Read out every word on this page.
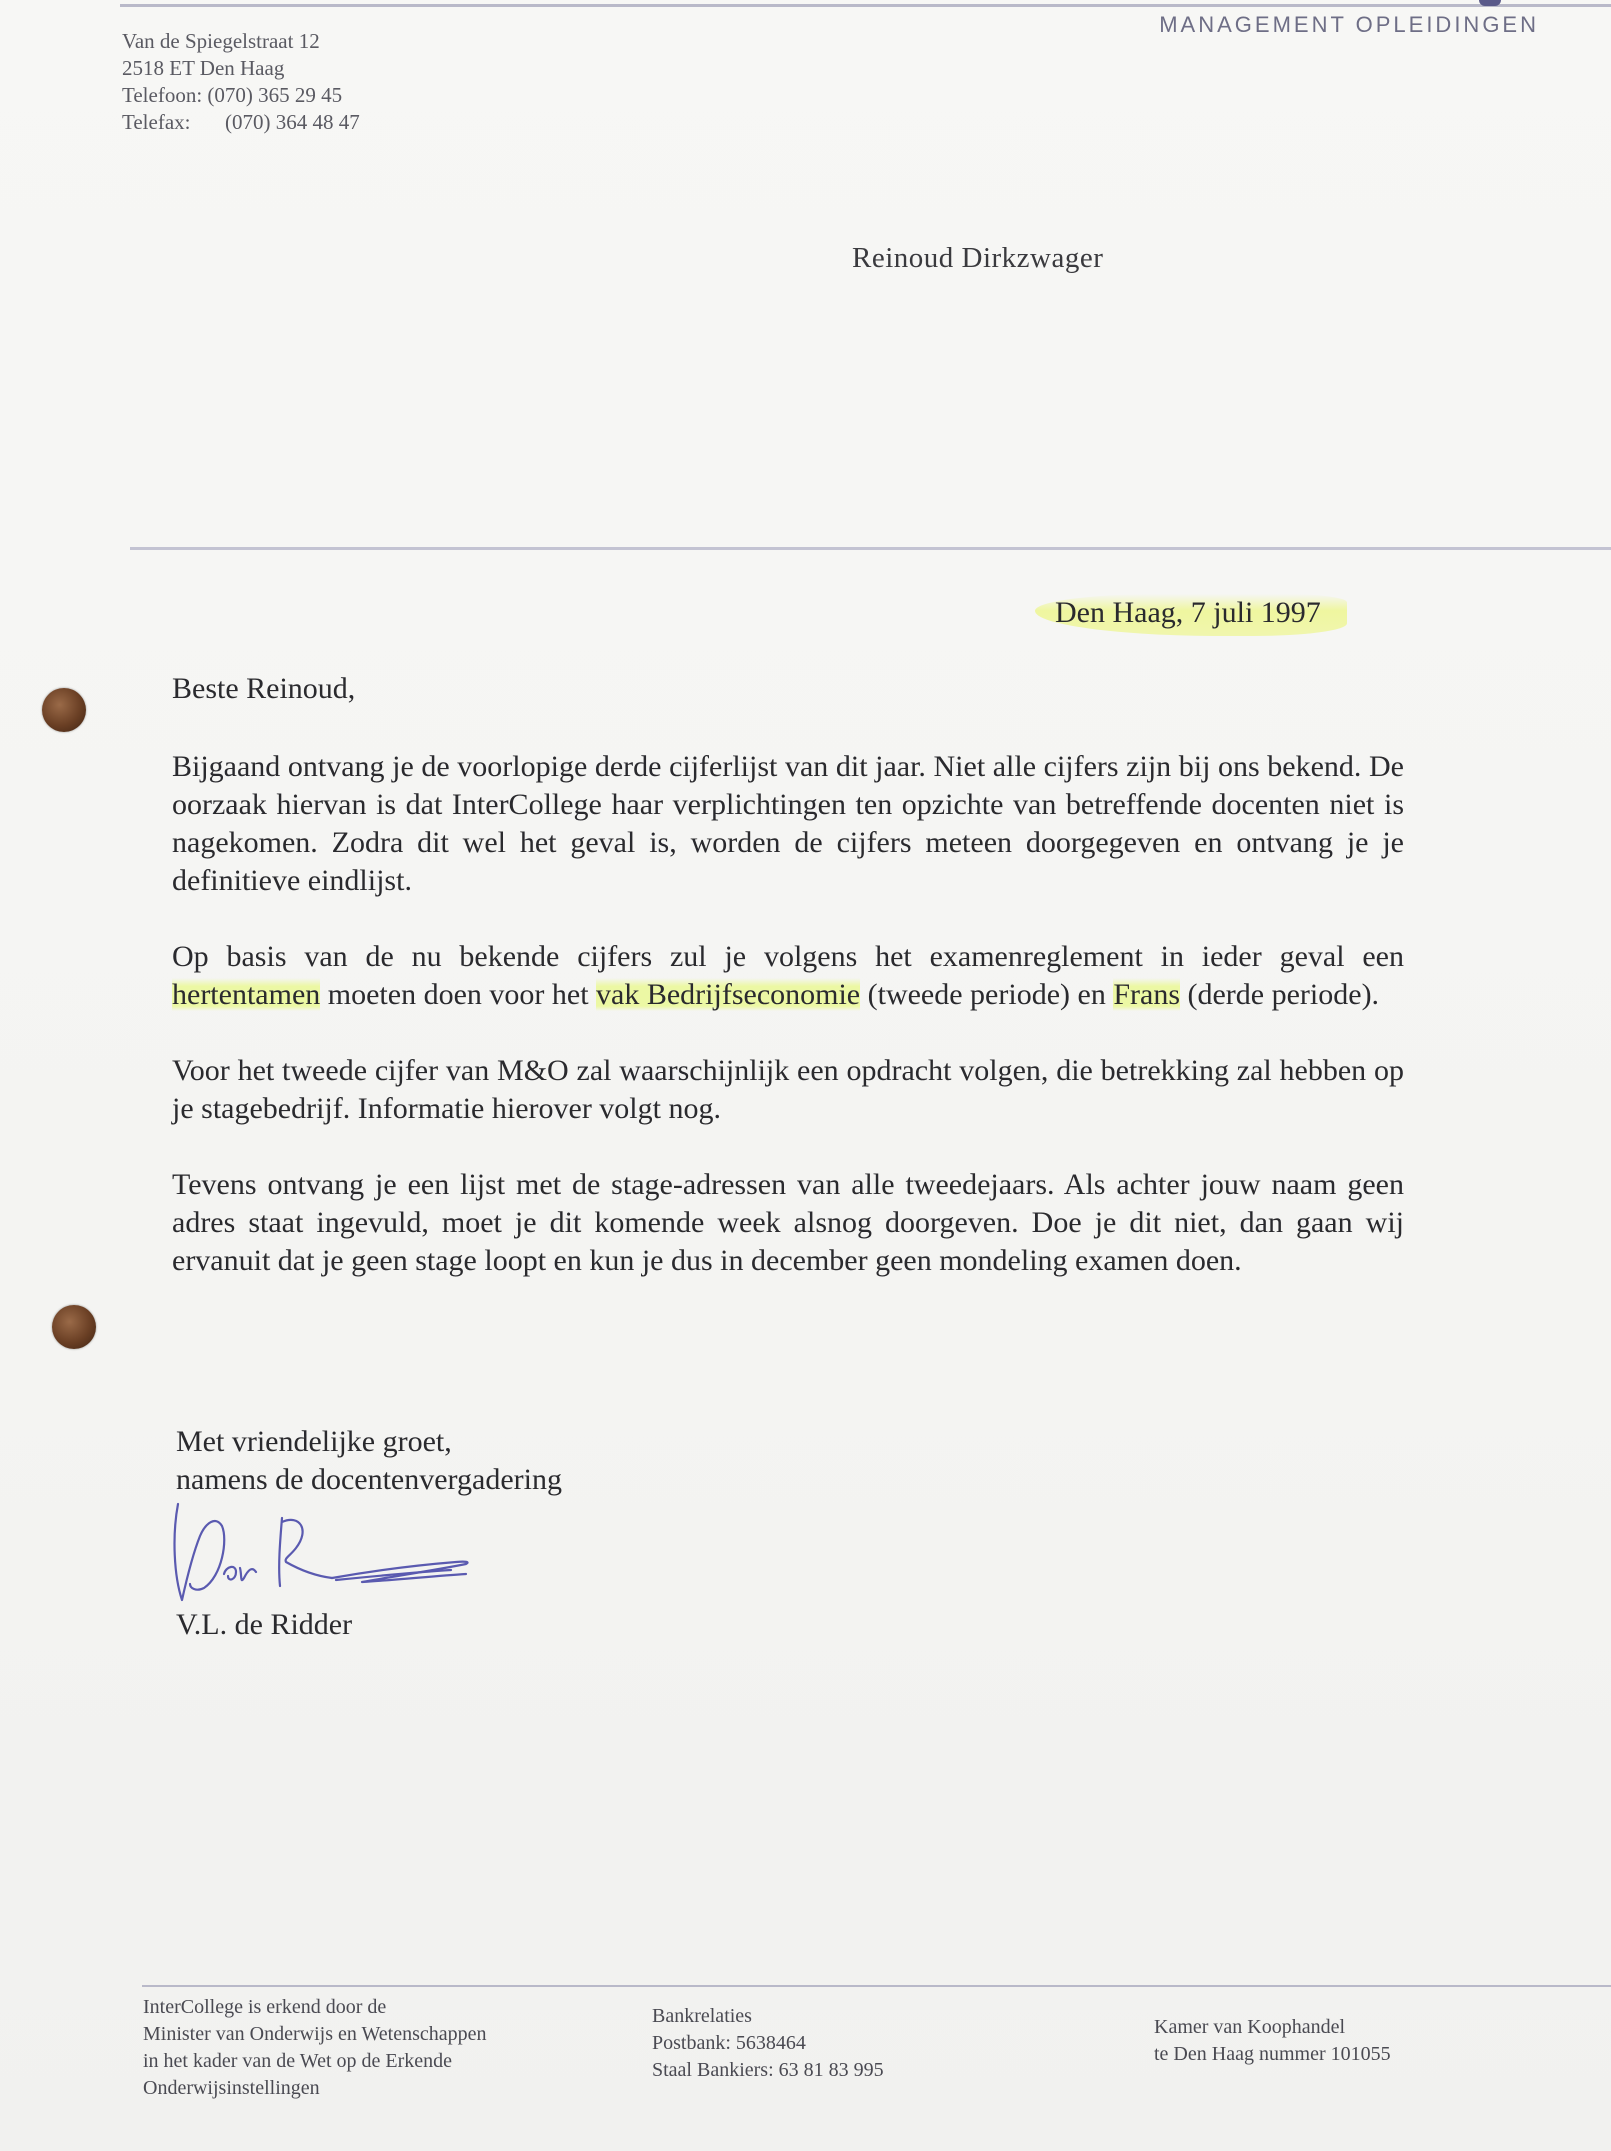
MANAGEMENT OPLEIDINGEN
Van de Spiegelstraat 12
2518 ET Den Haag
Telefoon: (070) 365 29 45
Telefax: (070) 364 48 47
Reinoud Dirkzwager
Den Haag, 7 juli 1997

Beste Reinoud,

Bijgaand ontvang je de voorlopige derde cijferlijst van dit jaar. Niet alle cijfers zijn bij ons bekend. De oorzaak hiervan is dat InterCollege haar verplichtingen ten opzichte van betreffende docenten niet is nagekomen. Zodra dit wel het geval is, worden de cijfers meteen doorgegeven en ontvang je je definitieve eindlijst.

Op basis van de nu bekende cijfers zul je volgens het examenreglement in ieder geval een hertentamen moeten doen voor het vak Bedrijfseconomie (tweede periode) en Frans (derde periode).

Voor het tweede cijfer van M&O zal waarschijnlijk een opdracht volgen, die betrekking zal hebben op je stagebedrijf. Informatie hierover volgt nog.

Tevens ontvang je een lijst met de stage-adressen van alle tweedejaars. Als achter jouw naam geen adres staat ingevuld, moet je dit komende week alsnog doorgeven. Doe je dit niet, dan gaan wij ervanuit dat je geen stage loopt en kun je dus in december geen mondeling examen doen.

Met vriendelijke groet,
namens de docentenvergadering
V.L. de Ridder
InterCollege is erkend door de
Minister van Onderwijs en Wetenschappen
in het kader van de Wet op de Erkende
Onderwijsinstellingen
Bankrelaties
Postbank: 5638464
Staal Bankiers: 63 81 83 995
Kamer van Koophandel
te Den Haag nummer 101055
